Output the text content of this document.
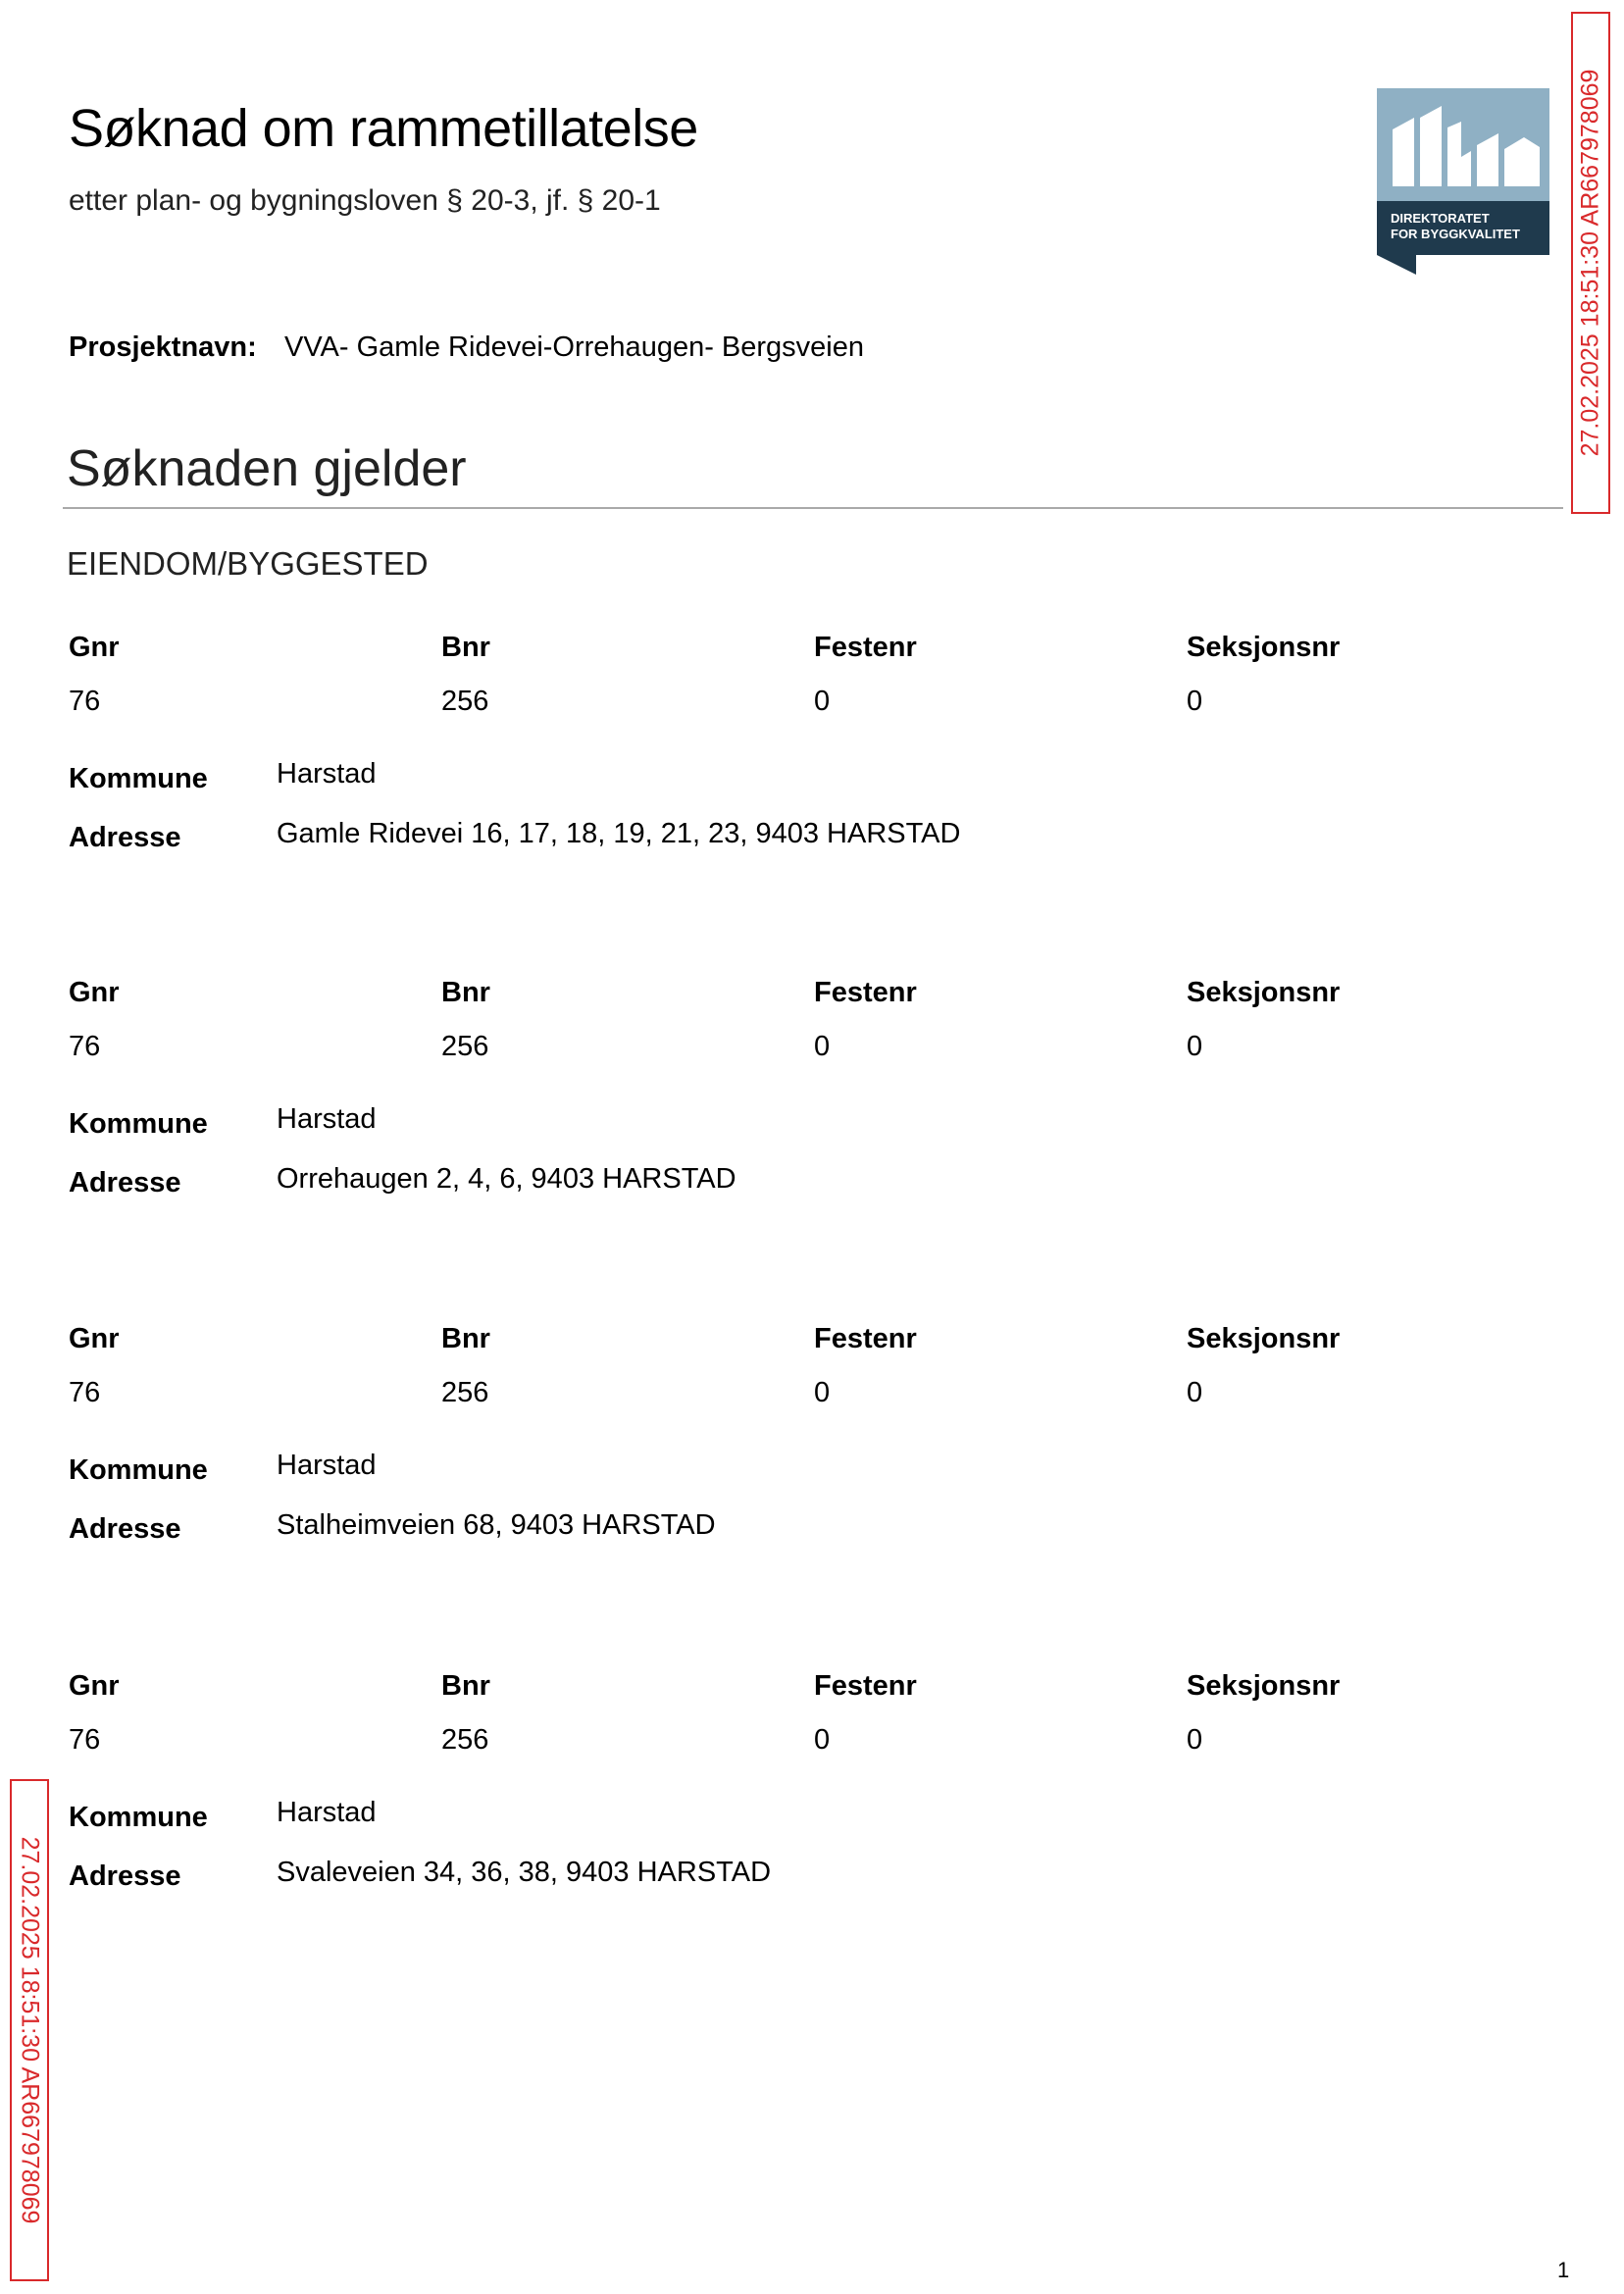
Søknad om rammetillatelse
etter plan- og bygningsloven § 20-3, jf. § 20-1
DIREKTORATET
FOR BYGGKVALITET 27.02.2025 18:51:30 AR667978069
Prosjektnavn: VVA- Gamle Ridevei-Orrehaugen- Bergsveien
Søknaden gjelder
EIENDOM/BYGGESTED
Gnr	Bnr	Festenr	Seksjonsnr
76	256	0	0
Kommune Harstad
Adresse	Gamle Ridevei 16, 17, 18, 19, 21, 23, 9403 HARSTAD
Gnr	Bnr	Festenr	Seksjonsnr
76	256	0	0
Kommune Harstad
Adresse	Orrehaugen 2, 4, 6, 9403 HARSTAD
Gnr	Bnr	Festenr	Seksjonsnr
76	256	0	0
Kommune Harstad
Adresse	Stalheimveien 68, 9403 HARSTAD
Gnr	Bnr	Festenr	Seksjonsnr
76	256	0	0
Kommune Harstad
Adresse	Svaleveien 34, 36, 38, 9403 HARSTAD
27.02.2025 18:51:30 AR667978069
1
